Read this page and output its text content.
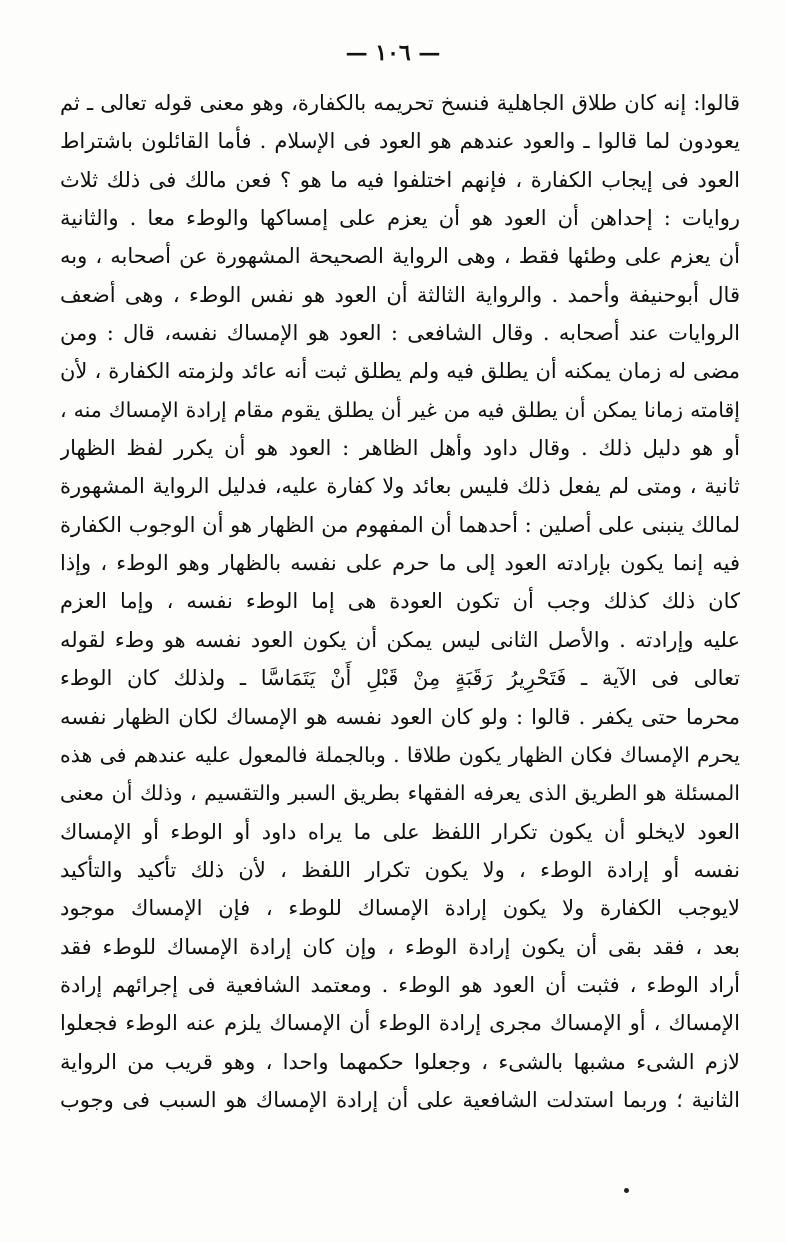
— ١٠٦ —
قالوا: إنه كان طلاق الجاهلية فنسخ تحريمه بالكفارة، وهو معنى قوله تعالى ـ ثم
يعودون لما قالوا ـ والعود عندهم هو العود فى الإسلام . فأما القائلون باشتراط
العود فى إيجاب الكفارة ، فإنهم اختلفوا فيه ما هو ؟ فعن مالك فى ذلك ثلاث
روايات : إحداهن أن العود هو أن يعزم على إمساكها والوطء معا . والثانية
أن يعزم على وطئها فقط ، وهى الرواية الصحيحة المشهورة عن أصحابه ، وبه
قال أبوحنيفة وأحمد . والرواية الثالثة أن العود هو نفس الوطء ، وهى أضعف
الروايات عند أصحابه . وقال الشافعى : العود هو الإمساك نفسه، قال : ومن
مضى له زمان يمكنه أن يطلق فيه ولم يطلق ثبت أنه عائد ولزمته الكفارة ، لأن
إقامته زمانا يمكن أن يطلق فيه من غير أن يطلق يقوم مقام إرادة الإمساك منه ،
أو هو دليل ذلك . وقال داود وأهل الظاهر : العود هو أن يكرر لفظ الظهار
ثانية ، ومتى لم يفعل ذلك فليس بعائد ولا كفارة عليه، فدليل الرواية المشهورة
لمالك ينبنى على أصلين : أحدهما أن المفهوم من الظهار هو أن الوجوب الكفارة
فيه إنما يكون بإرادته العود إلى ما حرم على نفسه بالظهار وهو الوطء ، وإذا
كان ذلك كذلك وجب أن تكون العودة هى إما الوطء نفسه ، وإما العزم
عليه وإرادته . والأصل الثانى ليس يمكن أن يكون العود نفسه هو وطء لقوله
تعالى فى الآية ـ فَتَحْرِيرُ رَقَبَةٍ مِنْ قَبْلِ أَنْ يَتَمَاسَّا ـ ولذلك كان الوطء
محرما حتى يكفر . قالوا : ولو كان العود نفسه هو الإمساك لكان الظهار نفسه
يحرم الإمساك فكان الظهار يكون طلاقا . وبالجملة فالمعول عليه عندهم فى هذه
المسئلة هو الطريق الذى يعرفه الفقهاء بطريق السبر والتقسيم ، وذلك أن معنى
العود لايخلو أن يكون تكرار اللفظ على ما يراه داود أو الوطء أو الإمساك
نفسه أو إرادة الوطء ، ولا يكون تكرار اللفظ ، لأن ذلك تأكيد والتأكيد
لايوجب الكفارة ولا يكون إرادة الإمساك للوطء ، فإن الإمساك موجود
بعد ، فقد بقى أن يكون إرادة الوطء ، وإن كان إرادة الإمساك للوطء فقد
أراد الوطء ، فثبت أن العود هو الوطء . ومعتمد الشافعية فى إجرائهم إرادة
الإمساك ، أو الإمساك مجرى إرادة الوطء أن الإمساك يلزم عنه الوطء فجعلوا
لازم الشىء مشبها بالشىء ، وجعلوا حكمهما واحدا ، وهو قريب من الرواية
الثانية ؛ وربما استدلت الشافعية على أن إرادة الإمساك هو السبب فى وجوب
